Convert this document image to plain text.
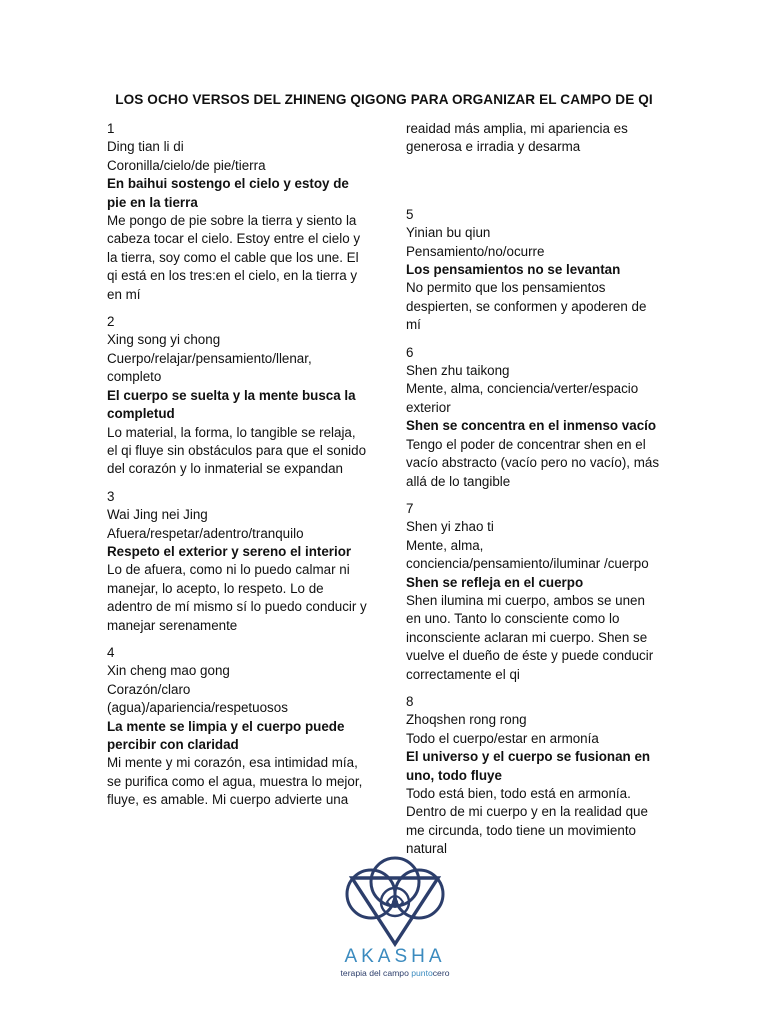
LOS OCHO VERSOS DEL ZHINENG QIGONG PARA ORGANIZAR EL CAMPO DE QI
1
Ding tian li di
Coronilla/cielo/de pie/tierra
En baihui sostengo el cielo y estoy de pie en la tierra
Me pongo de pie sobre la tierra y siento la cabeza tocar el cielo. Estoy entre el cielo y la tierra, soy como el cable que los une. El qi está en los tres:en el cielo, en la tierra y en mí
2
Xing song yi chong
Cuerpo/relajar/pensamiento/llenar, completo
El cuerpo se suelta y la mente busca la completud
Lo material, la forma, lo tangible se relaja, el qi fluye sin obstáculos para que el sonido del corazón y lo inmaterial se expandan
3
Wai Jing nei Jing
Afuera/respetar/adentro/tranquilo
Respeto el exterior y sereno el interior
Lo de afuera, como ni lo puedo calmar ni manejar, lo acepto, lo respeto. Lo de adentro de mí mismo sí lo puedo conducir y manejar serenamente
4
Xin cheng mao gong
Corazón/claro (agua)/apariencia/respetuosos
La mente se limpia y el cuerpo puede percibir con claridad
Mi mente y mi corazón, esa intimidad mía, se purifica como el agua, muestra lo mejor, fluye, es amable. Mi cuerpo advierte una
reaidad más amplia, mi apariencia es generosa e irradia y desarma
5
Yinian bu qiun
Pensamiento/no/ocurre
Los pensamientos no se levantan
No permito que los pensamientos despierten, se conformen y apoderen de mí
6
Shen zhu taikong
Mente, alma, conciencia/verter/espacio exterior
Shen se concentra en el inmenso vacío
Tengo el poder de concentrar shen en el vacío abstracto (vacío pero no vacío), más allá de lo tangible
7
Shen yi zhao ti
Mente, alma, conciencia/pensamiento/iluminar /cuerpo
Shen se refleja en el cuerpo
Shen ilumina mi cuerpo, ambos se unen en uno. Tanto lo consciente como lo inconsciente aclaran mi cuerpo. Shen se vuelve el dueño de éste y puede conducir correctamente el qi
8
Zhoqshen rong rong
Todo el cuerpo/estar en armonía
El universo y el cuerpo se fusionan en uno, todo fluye
Todo está bien, todo está en armonía. Dentro de mi cuerpo y en la realidad que me circunda, todo tiene un movimiento natural
AKASHA
terapia del campo puntocero
